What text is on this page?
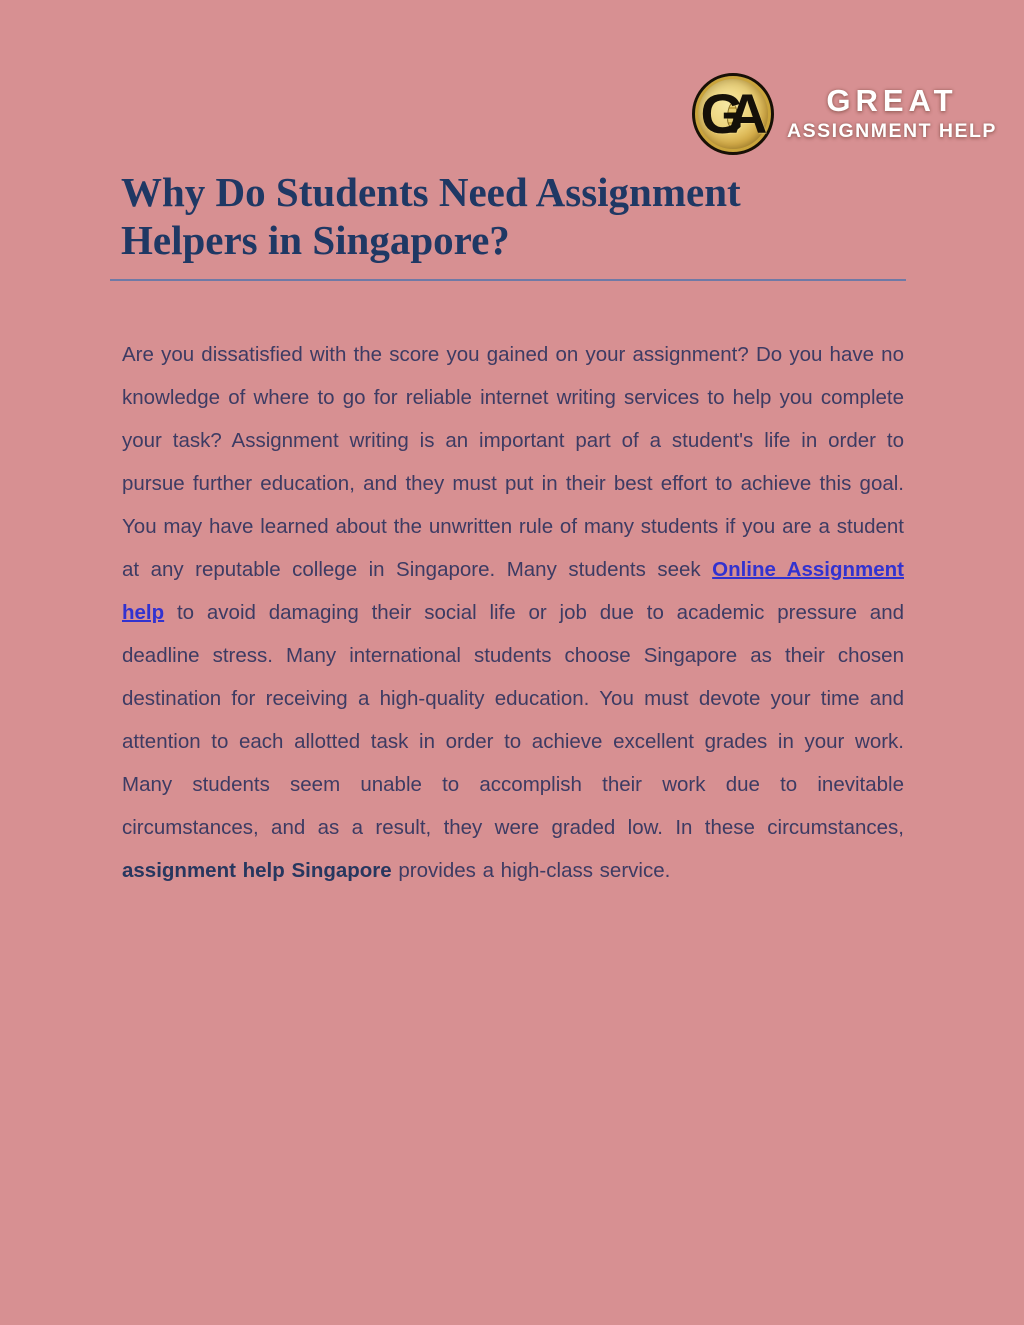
GA	GREAT
ASSIGNMENT HELP
Why Do Students Need Assignment
Helpers in Singapore?

Are you dissatisfied with the score you gained on your assignment? Do you have no knowledge of where to go for reliable internet writing services to help you complete your task? Assignment writing is an important part of a student's life in order to pursue further education, and they must put in their best effort to achieve this goal. You may have learned about the unwritten rule of many students if you are a student at any reputable college in Singapore. Many students seek Online Assignment help to avoid damaging their social life or job due to academic pressure and deadline stress. Many international students choose Singapore as their chosen destination for receiving a high-quality education. You must devote your time and attention to each allotted task in order to achieve excellent grades in your work. Many students seem unable to accomplish their work due to inevitable circumstances, and as a result, they were graded low. In these circumstances, assignment help Singapore provides a high-class service.
